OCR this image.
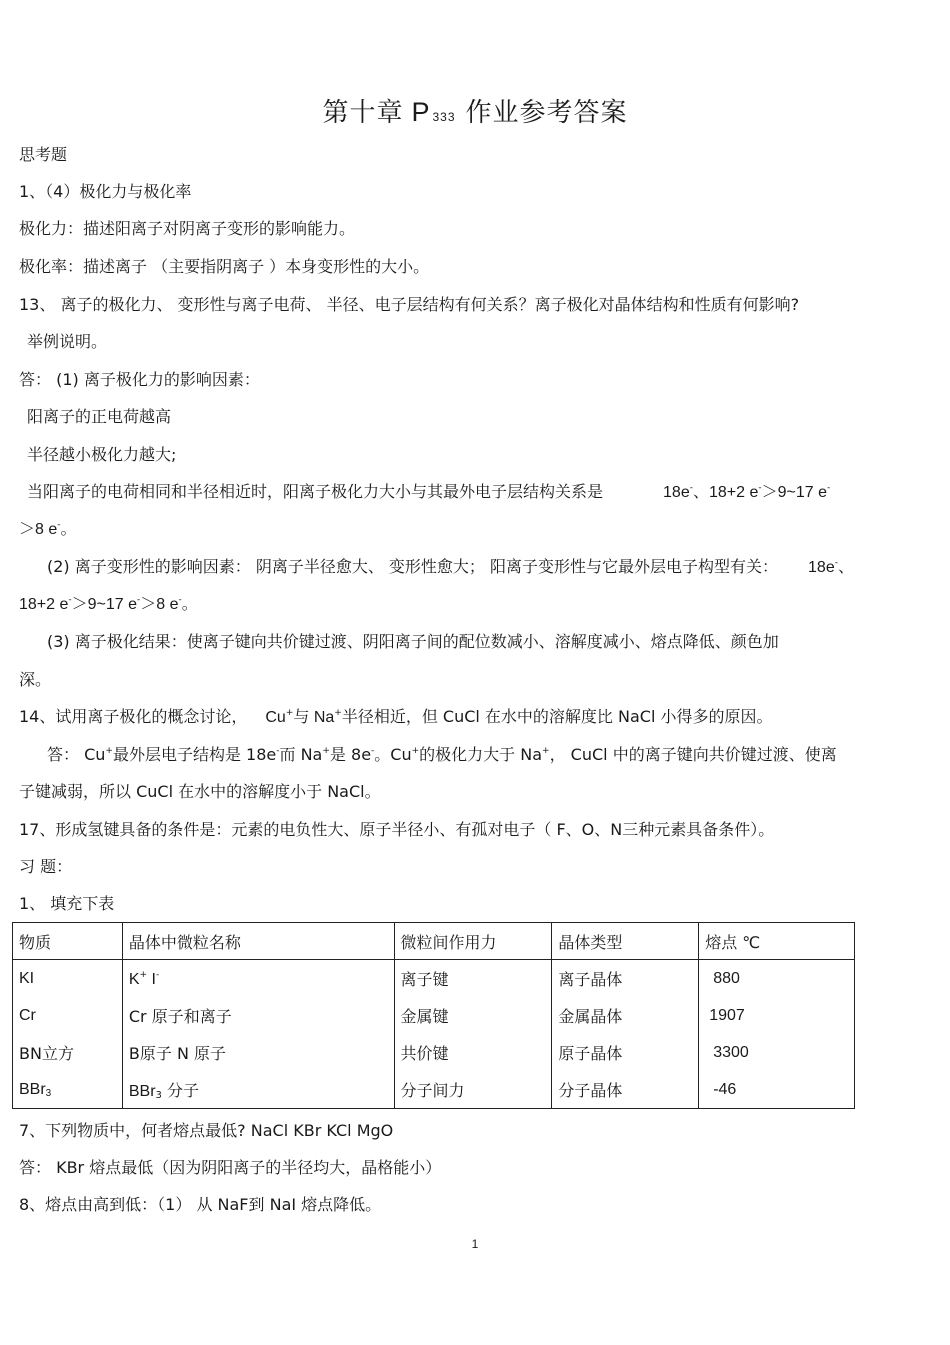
第十章 P 333 作业参考答案
思考题
1、（4）极化力与极化率
极化力：描述阳离子对阴离子变形的影响能力。
极化率：描述离子 （主要指阴离子 ）本身变形性的大小。
13、 离子的极化力、 变形性与离子电荷、 半径、电子层结构有何关系？离子极化对晶体结构和性质有何影响?
举例说明。
答： (1) 离子极化力的影响因素：
阳离子的正电荷越高
半径越小极化力越大;
当阳离子的电荷相同和半径相近时，阳离子极化力大小与其最外电子层结构关系是	18e-、18+2 e-＞9~17 e-
＞8 e-。
(2) 离子变形性的影响因素： 阴离子半径愈大、 变形性愈大； 阳离子变形性与它最外层电子构型有关： 18e-、
18+2 e-＞9~17 e-＞8 e-。
(3) 离子极化结果：使离子键向共价键过渡、阴阳离子间的配位数减小、溶解度减小、熔点降低、颜色加
深。
14、试用离子极化的概念讨论， Cu+与 Na+半径相近，但 CuCl 在水中的溶解度比 NaCl 小得多的原因。
答： Cu+最外层电子结构是 18e-而 Na+是 8e-。Cu+的极化力大于 Na+， CuCl 中的离子键向共价键过渡、使离
子键减弱，所以 CuCl 在水中的溶解度小于 NaCl。
17、形成氢键具备的条件是：元素的电负性大、原子半径小、有孤对电子（ F、O、N三种元素具备条件）。
习 题：
1、 填充下表
物质	晶体中微粒名称	微粒间作用力	晶体类型	熔点 ℃
KI	K+ I-	离子键	离子晶体	880
Cr	Cr 原子和离子	金属键	金属晶体	1907
BN立方	B原子 N 原子	共价键	原子晶体	3300
BBr$_3$	BBr$_3$ 分子	分子间力	分子晶体	-46
7、下列物质中，何者熔点最低? NaCl KBr KCl MgO
答： KBr 熔点最低（因为阴阳离子的半径均大，晶格能小）
8、熔点由高到低：（1） 从 NaF到 NaI 熔点降低。
1
